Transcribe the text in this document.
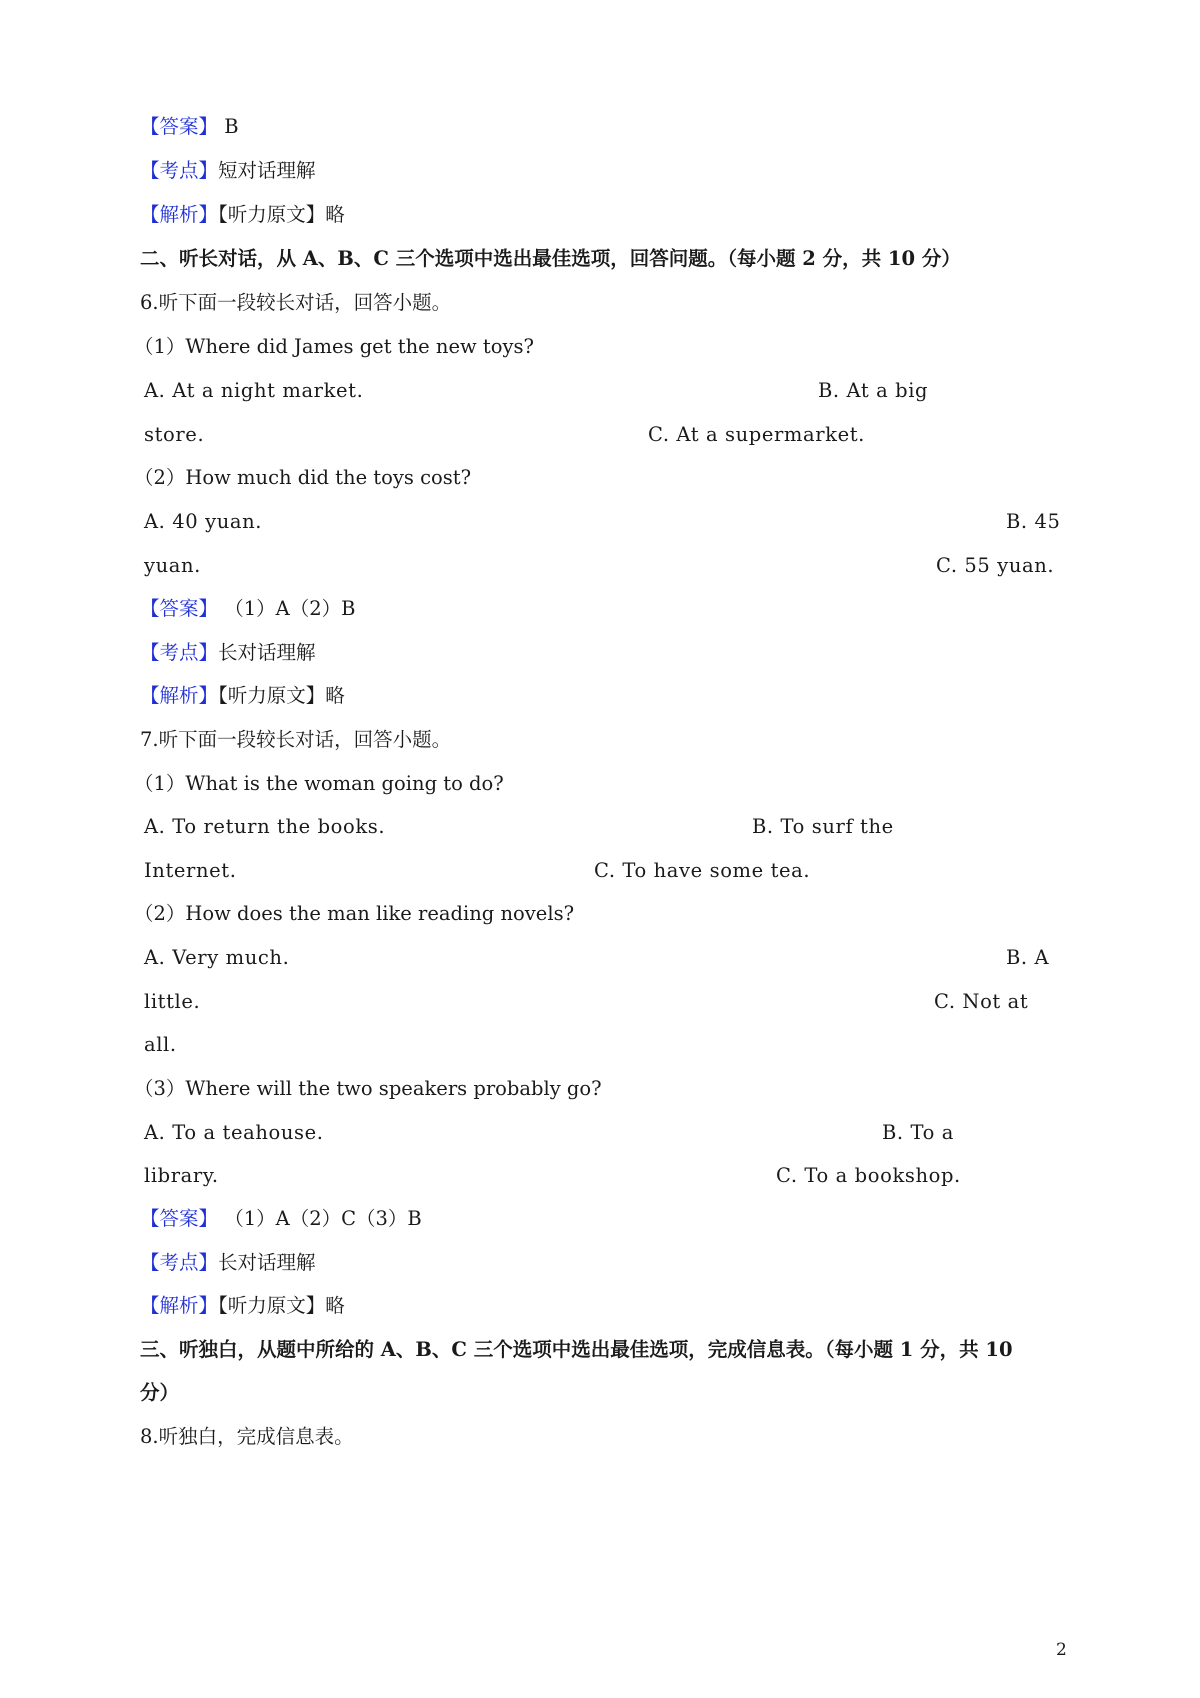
【答案】 B
【考点】短对话理解
【解析】【听力原文】略
二、听长对话，从 A、B、C 三个选项中选出最佳选项，回答问题。（每小题 2 分，共 10 分）
6.听下面一段较长对话，回答小题。
（1）Where did James get the new toys?
A. At a night market.	B. At a big
store.	C. At a supermarket.
（2）How much did the toys cost?
A. 40 yuan.	B. 45
yuan.	C. 55 yuan.
【答案】 （1）A（2）B
【考点】长对话理解
【解析】【听力原文】略
7.听下面一段较长对话，回答小题。
（1）What is the woman going to do?
A. To return the books.	B. To surf the
Internet.	C. To have some tea.
（2）How does the man like reading novels?
A. Very much.	B. A
little.	C. Not at
all.
（3）Where will the two speakers probably go?
A. To a teahouse.	B. To a
library.	C. To a bookshop.
【答案】 （1）A（2）C（3）B
【考点】长对话理解
【解析】【听力原文】略
三、听独白，从题中所给的 A、B、C 三个选项中选出最佳选项，完成信息表。（每小题 1 分，共 10
分）
8.听独白，完成信息表。
2
